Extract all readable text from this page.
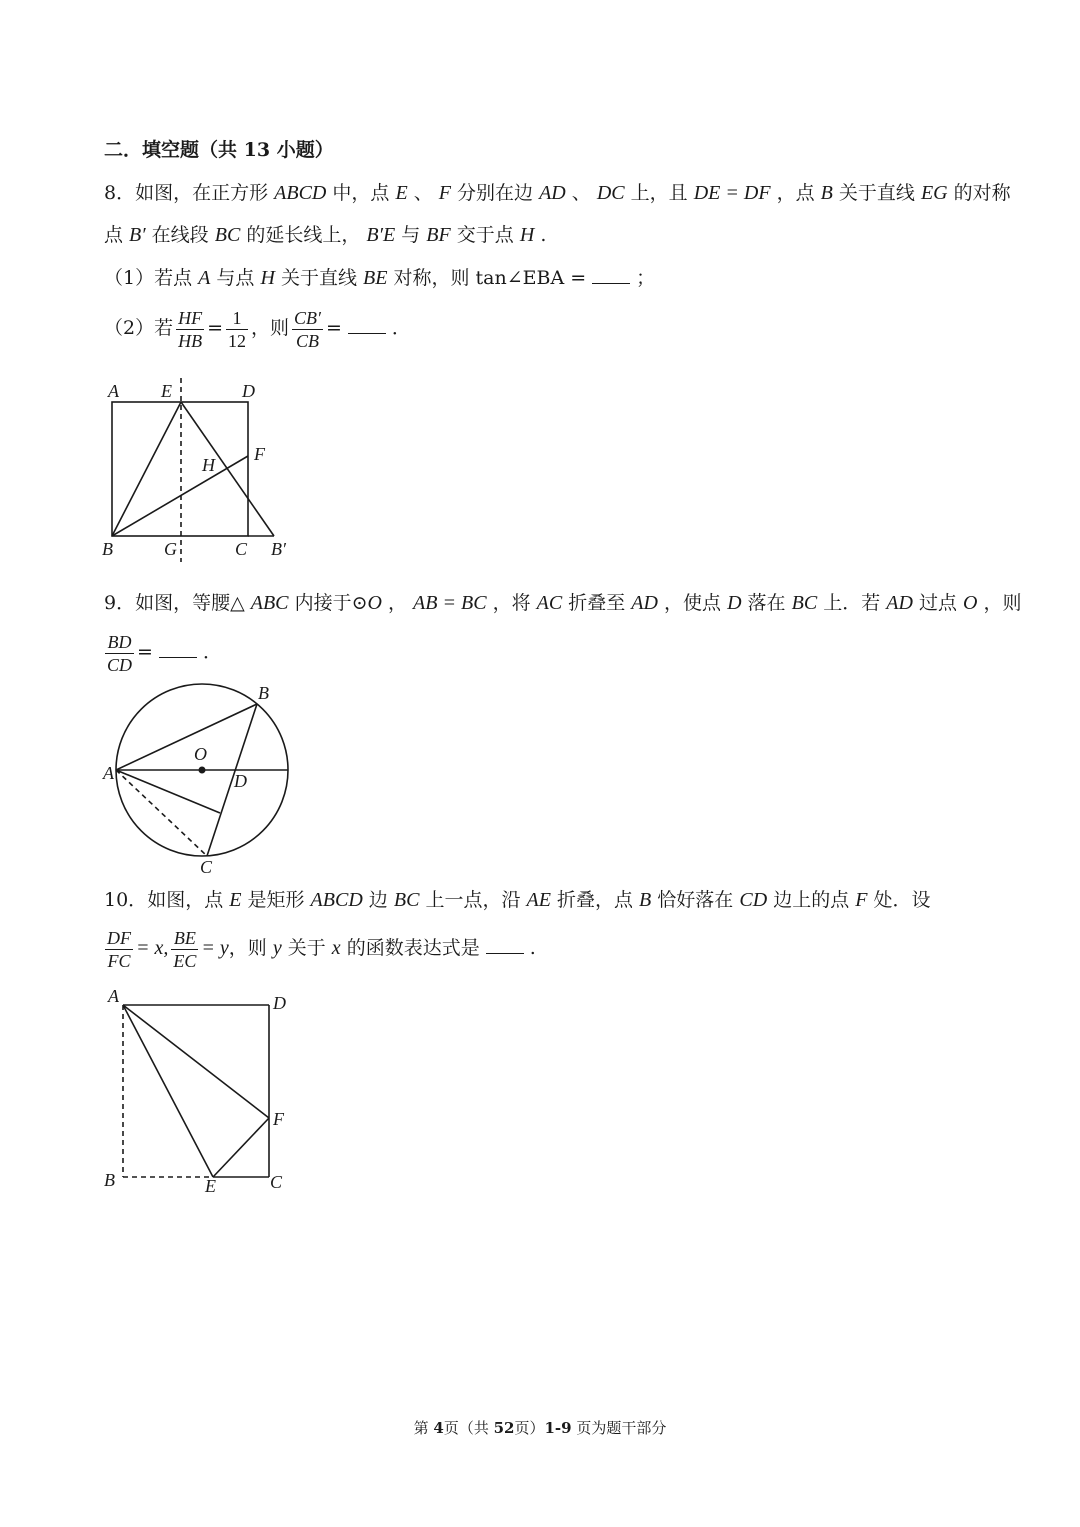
二．填空题（共 13 小题）
8．如图，在正方形 ABCD 中，点 E 、 F 分别在边 AD 、 DC 上，且 DE = DF ，点 B 关于直线 EG 的对称
点 B′ 在线段 BC 的延长线上， B′E 与 BF 交于点 H .
（1）若点 A 与点 H 关于直线 BE 对称，则 tan∠EBA =	；
（2）若 $\frac{HF}{HB} = \frac{1}{12}$ ，则 $\frac{CB'}{CB}$ =	．
A E	D
F
H
B	G	C B′
9．如图，等腰△ ABC 内接于⊙O ， AB = BC ，将 AC 折叠至 AD ，使点 D 落在 BC 上．若 AD 过点 O ，则
$\frac{BD}{CD}$ =	．
B
O
A	D
C
10．如图，点 E 是矩形 ABCD 边 BC 上一点，沿 AE 折叠，点 B 恰好落在 CD 边上的点 F 处．设
$\frac{DF}{FC} = x$, $\frac{BE}{EC} = y$，则 y 关于 x 的函数表达式是	.
A	D
F
B	E	C
第 4页（共 52页）1-9 页为题干部分
